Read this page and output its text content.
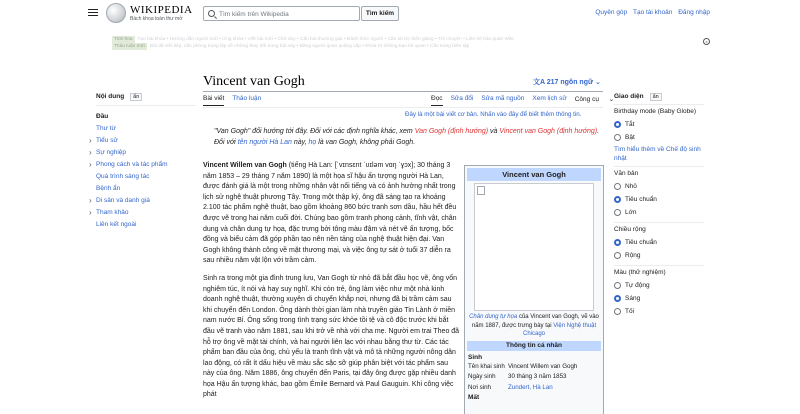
WIKIPEDIA
Bách khoa toàn thư mở
Tìm kiếm trên Wikipedia
Tìm kiếm	Quyên góp Tạo tài khoản Đăng nhập
Tinh hoa Tạo bài khóa • Hướng dẫn người mới • Ứng khóa • Viết bài mới • Chờ duy • Cần bài thường giai • Đánh thức người • Cần tài trợ biên giáng • Trò chuyện • Liên hệ bảo quản Wiki
Thảo luận mới Bài đã viết tiếp, cần phòng trung lập về những thay đổi trong bài này • Đăng người quan quăng cấp • Khóa từ những bạn bè quan • Cần trang biên tập
×
Vincent van Gogh	文A 217 ngôn ngữ ⌄
Bài viết Thảo luận	Đọc Sửa đổi Sửa mã nguồn Xem lịch sử Công cụ ⌄
Nội dung ẩn
Đầu
Thư từ
› Tiểu sử
› Sự nghiệp
› Phong cách và tác phẩm
Quá trình sáng tác
Bệnh ẩn
› Di sản và danh giá
› Tham khảo
Liên kết ngoài
Đây là một bài viết cơ bản. Nhấn vào đây để biết thêm thông tin.
"Van Gogh" đổi hướng tới đây. Đối với các định nghĩa khác, xem Van Gogh (định hướng) và Vincent van Gogh (định hướng).
Đối với tên người Hà Lan này, họ là van Gogh, không phải Gogh.

Vincent Willem van Gogh (tiếng Hà Lan: [ˈvɪnsɛnt ˈʋɪləm vɑŋ ˈɣɔx]; 30 tháng 3 năm 1853 – 29 tháng 7 năm 1890) là một họa sĩ hậu ấn tượng người Hà Lan, được đánh giá là một trong những nhân vật nổi tiếng và có ảnh hưởng nhất trong lịch sử nghệ thuật phương Tây. Trong một thập kỷ, ông đã sáng tạo ra khoảng 2.100 tác phẩm nghệ thuật, bao gồm khoảng 860 bức tranh sơn dầu, hầu hết đều được vẽ trong hai năm cuối đời. Chúng bao gồm tranh phong cảnh, tĩnh vật, chân dung và chân dung tự họa, đặc trưng bởi tông màu đậm và nét vẽ ấn tượng, bốc đồng và biểu cảm đã góp phần tạo nên nền tảng của nghệ thuật hiện đại. Van Gogh không thành công về mặt thương mại, và việc ông tự sát ở tuổi 37 diễn ra sau nhiều năm vật lộn với trầm cảm.

Sinh ra trong một gia đình trung lưu, Van Gogh từ nhỏ đã bắt đầu học vẽ, ông vốn nghiêm túc, ít nói và hay suy nghĩ. Khi còn trẻ, ông làm việc như một nhà kinh doanh nghệ thuật, thường xuyên di chuyển khắp nơi, nhưng đã bị trầm cảm sau khi chuyển đến London. Ông dành thời gian làm nhà truyền giáo Tin Lành ở miền nam nước Bỉ. Ông sống trong tình trạng sức khỏe tồi tệ và cô độc trước khi bắt đầu vẽ tranh vào năm 1881, sau khi trở về nhà với cha mẹ. Người em trai Theo đã hỗ trợ ông về mặt tài chính, và hai người liên lạc với nhau bằng thư từ. Các tác phẩm ban đầu của ông, chủ yếu là tranh tĩnh vật và mô tả những người nông dân lao động, có rất ít dấu hiệu về màu sắc sặc sỡ giúp phân biệt với tác phẩm sau này của ông. Năm 1886, ông chuyển đến Paris, tại đây ông được gặp nhiều danh họa Hậu ấn tượng khác, bao gồm Émile Bernard và Paul Gauguin. Khi công việc phát

Vincent van Gogh
Chân dung tự họa của Vincent van Gogh, vẽ vào năm 1887, được trưng bày tại Viện Nghệ thuật Chicago
Thông tin cá nhân
Sinh
Tên khai sinh Vincent Willem van Gogh
Ngày sinh	30 tháng 3 năm 1853
Nơi sinh	Zundert, Hà Lan
Mất
Giao diện ẩn
Birthday mode (Baby Globe)
Tắt
Bật
Tìm hiểu thêm về Chế độ sinh nhật
Văn bản
Nhỏ
Tiêu chuẩn
Lớn
Chiều rộng
Tiêu chuẩn
Rộng
Màu (thử nghiệm)
Tự động
Sáng
Tối
